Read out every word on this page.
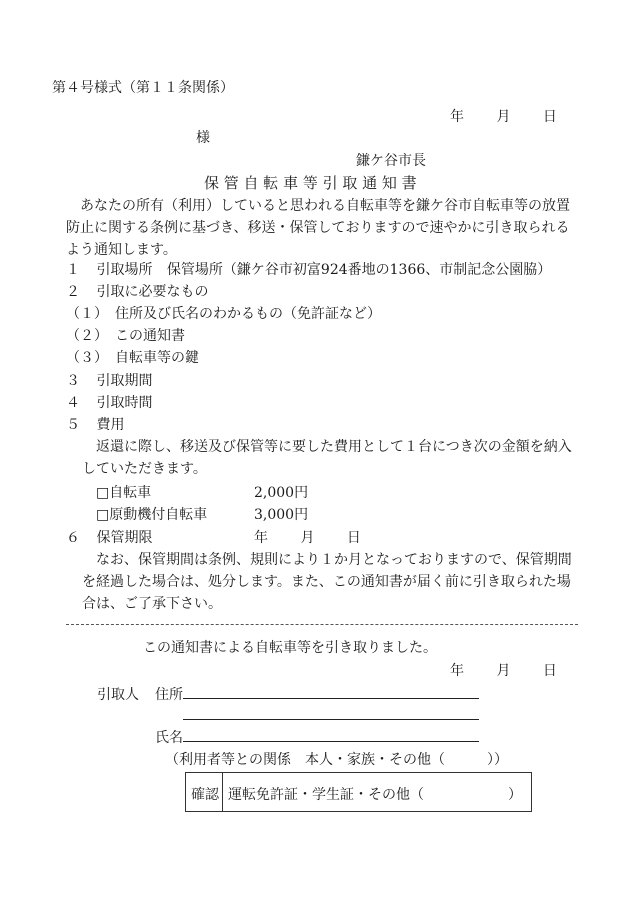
第４号様式（第１１条関係）
年 月 日
様
鎌ケ谷市長
保 管 自 転 車 等 引 取 通 知 書
あなたの所有（利用）していると思われる自転車等を鎌ケ谷市自転車等の放置防止に関する条例に基づき、移送・保管しておりますので速やかに引き取られるよう通知します。
１ 引取場所 保管場所（鎌ケ谷市初富924番地の1366、市制記念公園脇）
２ 引取に必要なもの
（１）　住所及び氏名のわかるもの（免許証など）
（２）　この通知書
（３）　自転車等の鍵
３ 引取期間
４ 引取時間
５ 費用
返還に際し、移送及び保管等に要した費用として１台につき次の金額を納入していただきます。
□自転車	2,000円
□原動機付自転車	3,000円
６ 保管期限	年 月 日
なお、保管期間は条例、規則により１か月となっておりますので、保管期間を経過した場合は、処分します。また、この通知書が届く前に引き取られた場合は、ご了承下さい。
この通知書による自転車等を引き取りました。
年 月 日
引取人 住所
氏名
（利用者等との関係　本人・家族・その他（　　　））
確認 運転免許証・学生証・その他（　　　　　　）
